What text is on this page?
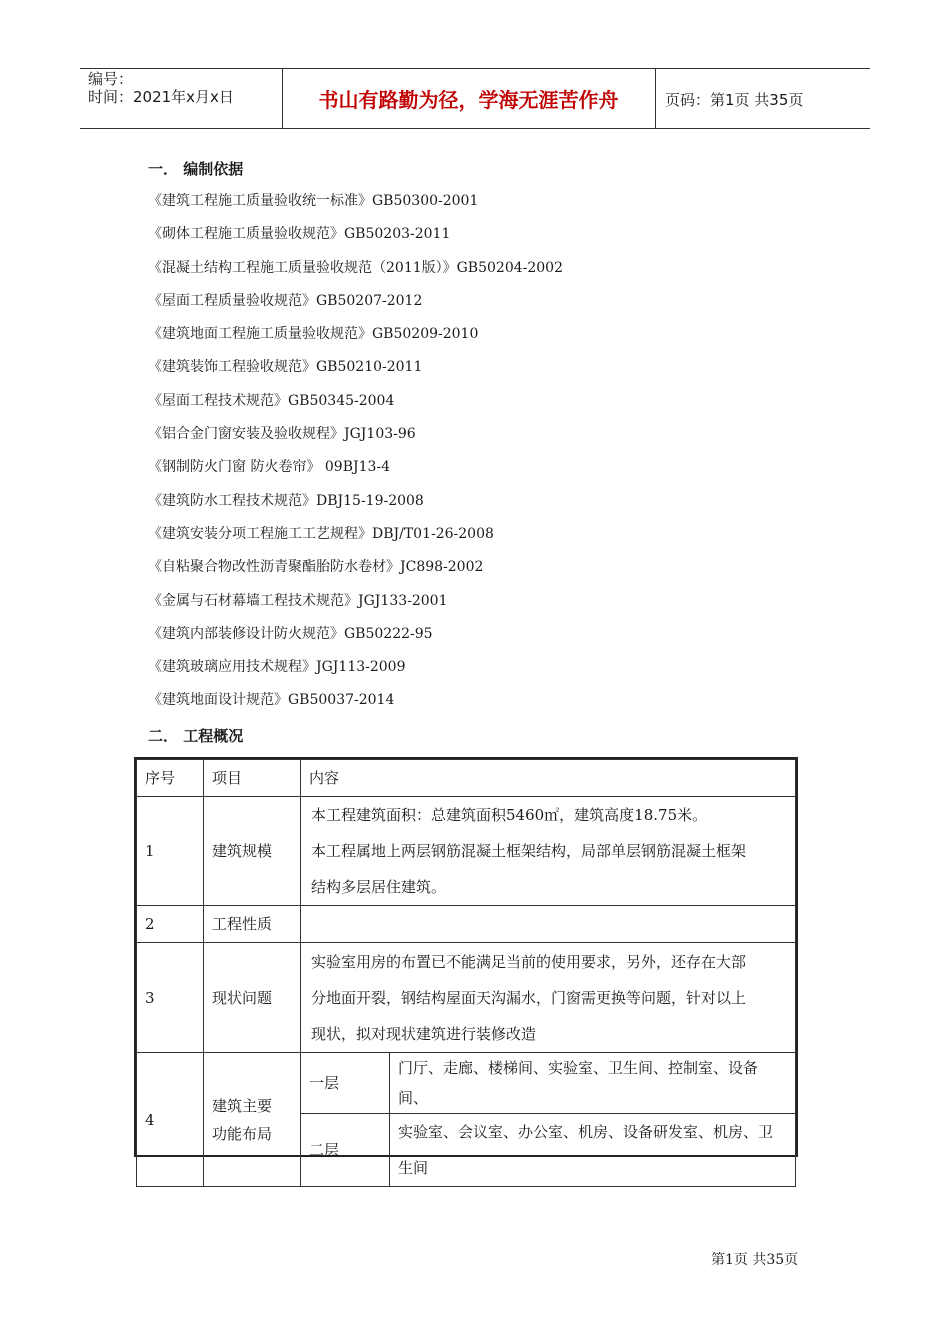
编号：
时间：2021年x月x日	书山有路勤为径，学海无涯苦作舟	页码：第1页 共35页
一． 编制依据
《建筑工程施工质量验收统一标准》GB50300-2001
《砌体工程施工质量验收规范》GB50203-2011
《混凝土结构工程施工质量验收规范（2011版）》GB50204-2002
《屋面工程质量验收规范》GB50207-2012
《建筑地面工程施工质量验收规范》GB50209-2010
《建筑装饰工程验收规范》GB50210-2011
《屋面工程技术规范》GB50345-2004
《铝合金门窗安装及验收规程》JGJ103-96
《钢制防火门窗 防火卷帘》 09BJ13-4
《建筑防水工程技术规范》DBJ15-19-2008
《建筑安装分项工程施工工艺规程》DBJ/T01-26-2008
《自粘聚合物改性沥青聚酯胎防水卷材》JC898-2002
《金属与石材幕墙工程技术规范》JGJ133-2001
《建筑内部装修设计防火规范》GB50222-95
《建筑玻璃应用技术规程》JGJ113-2009
《建筑地面设计规范》GB50037-2014
二． 工程概况
序号	项目	内容	
1	建筑规模	本工程建筑面积：总建筑面积5460㎡，建筑高度18.75米。
本工程属地上两层钢筋混凝土框架结构，局部单层钢筋混凝土框架
结构多层居住建筑。	

2	工程性质		
3	现状问题	实验室用房的布置已不能满足当前的使用要求，另外，还存在大部
分地面开裂，钢结构屋面天沟漏水，门窗需更换等问题，针对以上
现状，拟对现状建筑进行装修改造	

4	建筑主要
功能布局	一层	门厅、走廊、楼梯间、实验室、卫生间、控制室、设备间、
		二层	实验室、会议室、办公室、机房、设备研发室、机房、卫
生间
第1页 共35页
